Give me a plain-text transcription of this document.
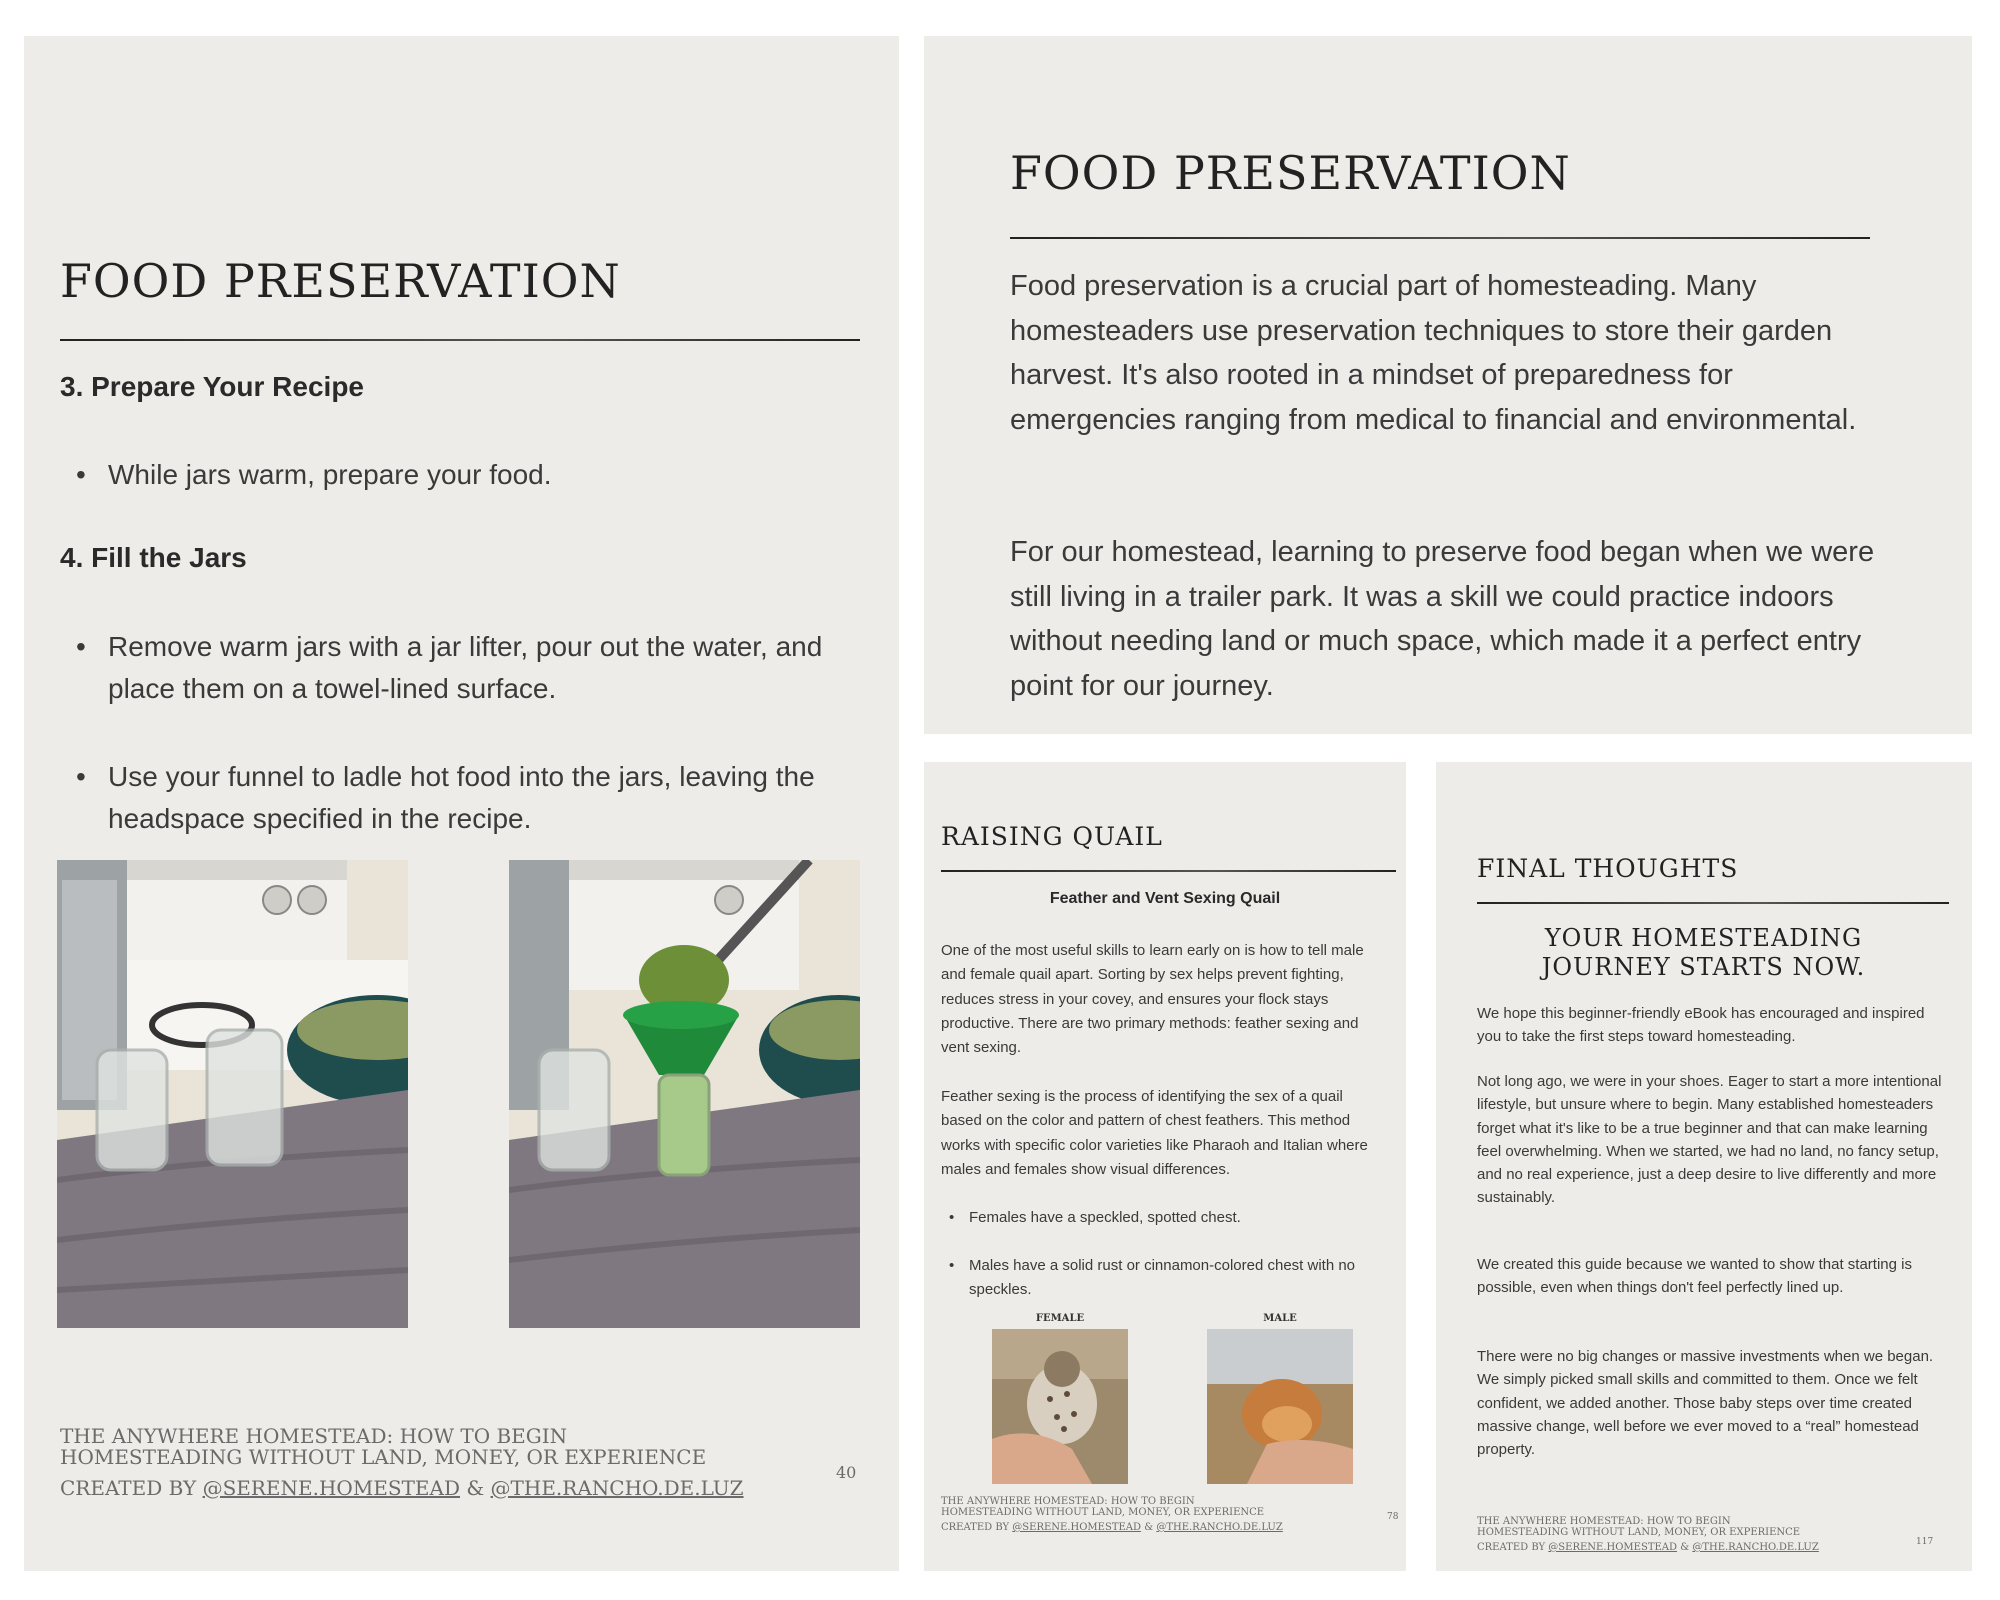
FOOD PRESERVATION
3. Prepare Your Recipe
• While jars warm, prepare your food.
4. Fill the Jars
• Remove warm jars with a jar lifter, pour out the water, and place them on a towel-lined surface.
• Use your funnel to ladle hot food into the jars, leaving the headspace specified in the recipe.
THE ANYWHERE HOMESTEAD: HOW TO BEGIN
HOMESTEADING WITHOUT LAND, MONEY, OR EXPERIENCE
CREATED BY @SERENE.HOMESTEAD & @THE.RANCHO.DE.LUZ
40
FOOD PRESERVATION
Food preservation is a crucial part of homesteading. Many homesteaders use preservation techniques to store their garden harvest. It's also rooted in a mindset of preparedness for emergencies ranging from medical to financial and environmental.
For our homestead, learning to preserve food began when we were still living in a trailer park. It was a skill we could practice indoors without needing land or much space, which made it a perfect entry point for our journey.
RAISING QUAIL
Feather and Vent Sexing Quail
One of the most useful skills to learn early on is how to tell male and female quail apart. Sorting by sex helps prevent fighting, reduces stress in your covey, and ensures your flock stays productive. There are two primary methods: feather sexing and vent sexing.
Feather sexing is the process of identifying the sex of a quail based on the color and pattern of chest feathers. This method works with specific color varieties like Pharaoh and Italian where males and females show visual differences.
• Females have a speckled, spotted chest.
• Males have a solid rust or cinnamon-colored chest with no speckles.
FEMALE	MALE
THE ANYWHERE HOMESTEAD: HOW TO BEGIN
HOMESTEADING WITHOUT LAND, MONEY, OR EXPERIENCE
CREATED BY @SERENE.HOMESTEAD & @THE.RANCHO.DE.LUZ
78
FINAL THOUGHTS
YOUR HOMESTEADING JOURNEY STARTS NOW.
We hope this beginner-friendly eBook has encouraged and inspired you to take the first steps toward homesteading.
Not long ago, we were in your shoes. Eager to start a more intentional lifestyle, but unsure where to begin. Many established homesteaders forget what it's like to be a true beginner and that can make learning feel overwhelming. When we started, we had no land, no fancy setup, and no real experience, just a deep desire to live differently and more sustainably.
We created this guide because we wanted to show that starting is possible, even when things don't feel perfectly lined up.
There were no big changes or massive investments when we began. We simply picked small skills and committed to them. Once we felt confident, we added another. Those baby steps over time created massive change, well before we ever moved to a “real” homestead property.
THE ANYWHERE HOMESTEAD: HOW TO BEGIN
HOMESTEADING WITHOUT LAND, MONEY, OR EXPERIENCE
CREATED BY @SERENE.HOMESTEAD & @THE.RANCHO.DE.LUZ	117
